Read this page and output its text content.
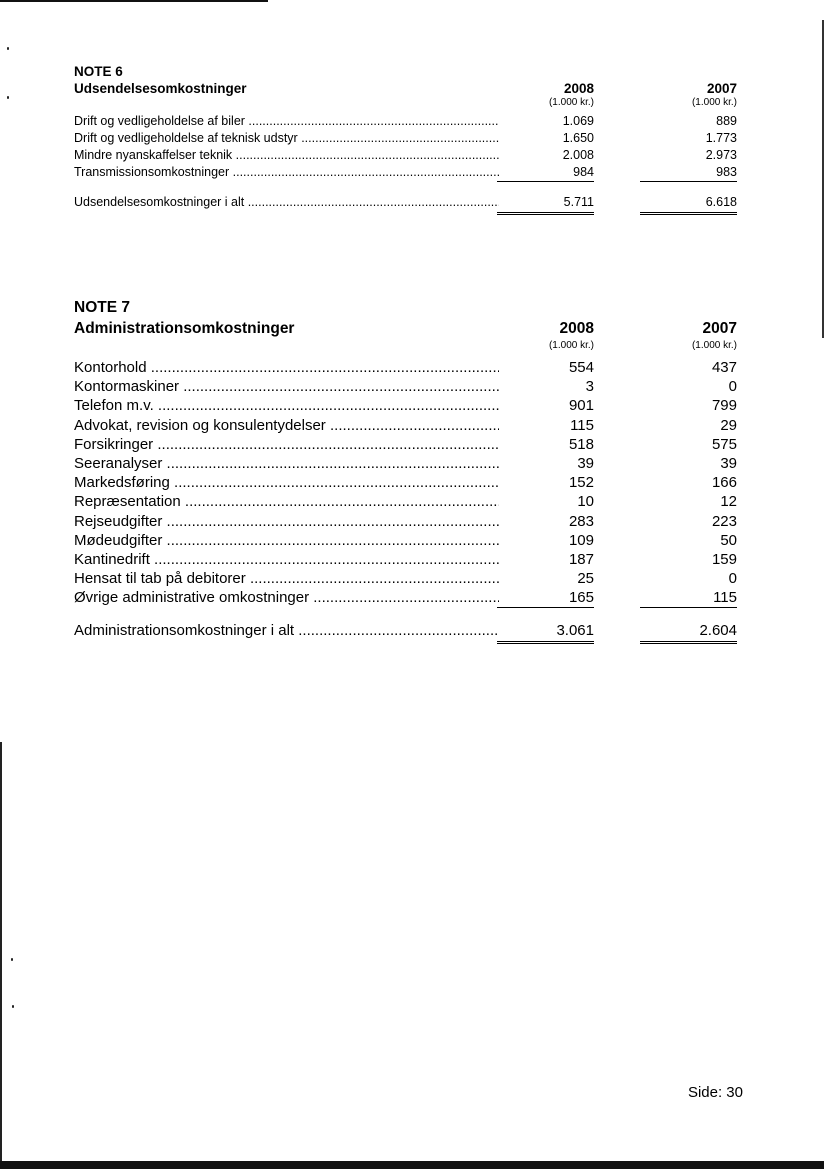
NOTE 6
Udsendelsesomkostninger	2008	2007
(1.000 kr.)	(1.000 kr.)
Drift og vedligeholdelse af biler .....	1.069	889
Drift og vedligeholdelse af teknisk udstyr .....	1.650	1.773
Mindre nyanskaffelser teknik .....	2.008	2.973
Transmissionsomkostninger .....	984	983
Udsendelsesomkostninger i alt .....	5.711	6.618
NOTE 7
Administrationsomkostninger	2008	2007
(1.000 kr.)	(1.000 kr.)
Kontorhold .....	554	437
Kontormaskiner .....	3	0
Telefon m.v. .....	901	799
Advokat, revision og konsulentydelser .....	115	29
Forsikringer .....	518	575
Seeranalyser .....	39	39
Markedsføring .....	152	166
Repræsentation .....	10	12
Rejseudgifter .....	283	223
Mødeudgifter .....	109	50
Kantinedrift .....	187	159
Hensat til tab på debitorer .....	25	0
Øvrige administrative omkostninger .....	165	115
Administrationsomkostninger i alt .....	3.061	2.604
Side: 30
